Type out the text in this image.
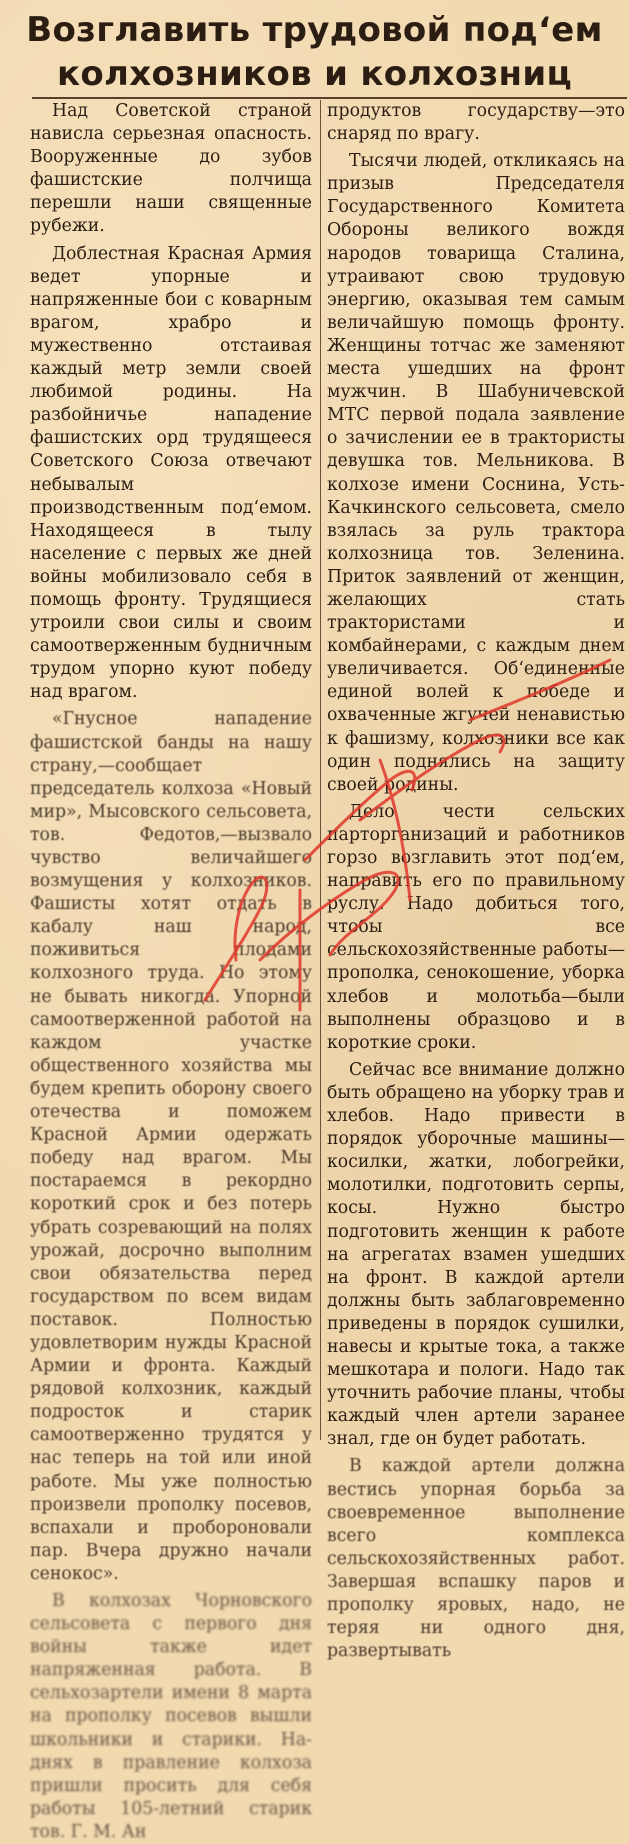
Возглавить трудовой под‘ем
колхозников и колхозниц

Над Советской страной нависла серьезная опасность. Вооруженные до зубов фашистские полчища перешли наши священные рубежи.

Доблестная Красная Армия ведет упорные и напряженные бои с коварным врагом, храбро и мужественно отстаивая каждый метр земли своей любимой родины. На разбойничье нападение фашистских орд трудящееся Советского Союза отвечают небывалым производственным под‘емом. Находящееся в тылу население с первых же дней войны мобилизовало себя в помощь фронту. Трудящиеся утроили свои силы и своим самоотверженным будничным трудом упорно куют победу над врагом.

«Гнусное нападение фашистской банды на нашу страну,—сообщает председатель колхоза «Новый мир», Мысовского сельсовета, тов. Федотов,—вызвало чувство величайшего возмущения у колхозников. Фашисты хотят отдать в кабалу наш народ, поживиться плодами колхозного труда. Но этому не бывать никогда. Упорной самоотверженной работой на каждом участке общественного хозяйства мы будем крепить оборону своего отечества и поможем Красной Армии одержать победу над врагом. Мы постараемся в рекордно короткий срок и без потерь убрать созревающий на полях урожай, досрочно выполним свои обязательства перед государством по всем видам поставок. Полностью удовлетворим нужды Красной Армии и фронта. Каждый рядовой колхозник, каждый подросток и старик самоотверженно трудятся у нас теперь на той или иной работе. Мы уже полностью произвели прополку посевов, вспахали и пробороновали пар. Вчера дружно начали сенокос».

В колхозах Чорновского сельсовета с первого дня войны также идет напряженная работа. В сельхозартели имени 8 марта на прополку посевов вышли школьники и старики. На-днях в правление колхоза пришли просить для себя работы 105-летний старик тов. Г. М. Ан

продуктов государству—это снаряд по врагу.

Тысячи людей, откликаясь на призыв Председателя Государственного Комитета Обороны великого вождя народов товарища Сталина, утраивают свою трудовую энергию, оказывая тем самым величайшую помощь фронту. Женщины тотчас же заменяют места ушедших на фронт мужчин. В Шабуничевской МТС первой подала заявление о зачислении ее в трактористы девушка тов. Мельникова. В колхозе имени Соснина, Усть-Качкинского сельсовета, смело взялась за руль трактора колхозница тов. Зеленина. Приток заявлений от женщин, желающих стать трактористами и комбайнерами, с каждым днем увеличивается. Об‘единенные единой волей к победе и охваченные жгучей ненавистью к фашизму, колхозники все как один поднялись на защиту своей родины.

Дело чести сельских парторганизаций и работников горзо возглавить этот под‘ем, направить его по правильному руслу. Надо добиться того, чтобы все сельскохозяйственные работы—прополка, сенокошение, уборка хлебов и молотьба—были выполнены образцово и в короткие сроки.

Сейчас все внимание должно быть обращено на уборку трав и хлебов. Надо привести в порядок уборочные машины—косилки, жатки, лобогрейки, молотилки, подготовить серпы, косы. Нужно быстро подготовить женщин к работе на агрегатах взамен ушедших на фронт. В каждой артели должны быть заблаговременно приведены в порядок сушилки, навесы и крытые тока, а также мешкотара и пологи. Надо так уточнить рабочие планы, чтобы каждый член артели заранее знал, где он будет работать.

В каждой артели должна вестись упорная борьба за своевременное выполнение всего комплекса сельскохозяйственных работ. Завершая вспашку паров и прополку яровых, надо, не теряя ни одного дня, развертывать
